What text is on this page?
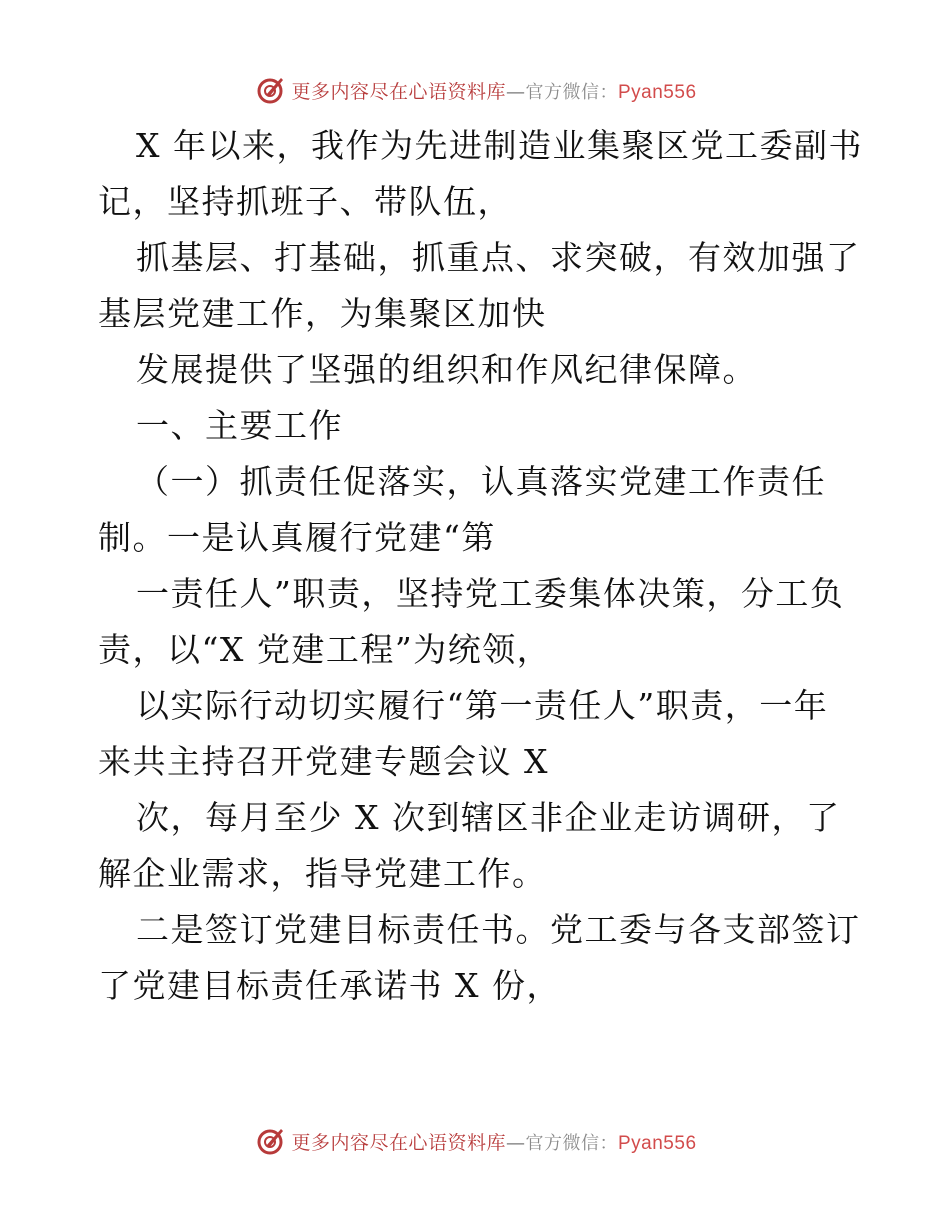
更多内容尽在心语资料库—官方微信：Pyan556
X 年以来，我作为先进制造业集聚区党工委副书
记，坚持抓班子、带队伍，
抓基层、打基础，抓重点、求突破，有效加强了
基层党建工作，为集聚区加快
发展提供了坚强的组织和作风纪律保障。
一、主要工作
（一）抓责任促落实，认真落实党建工作责任
制。一是认真履行党建“第
一责任人”职责，坚持党工委集体决策，分工负
责，以“X 党建工程”为统领，
以实际行动切实履行“第一责任人”职责，一年
来共主持召开党建专题会议 X
次，每月至少 X 次到辖区非企业走访调研，了
解企业需求，指导党建工作。
二是签订党建目标责任书。党工委与各支部签订
了党建目标责任承诺书 X 份，
更多内容尽在心语资料库—官方微信：Pyan556
